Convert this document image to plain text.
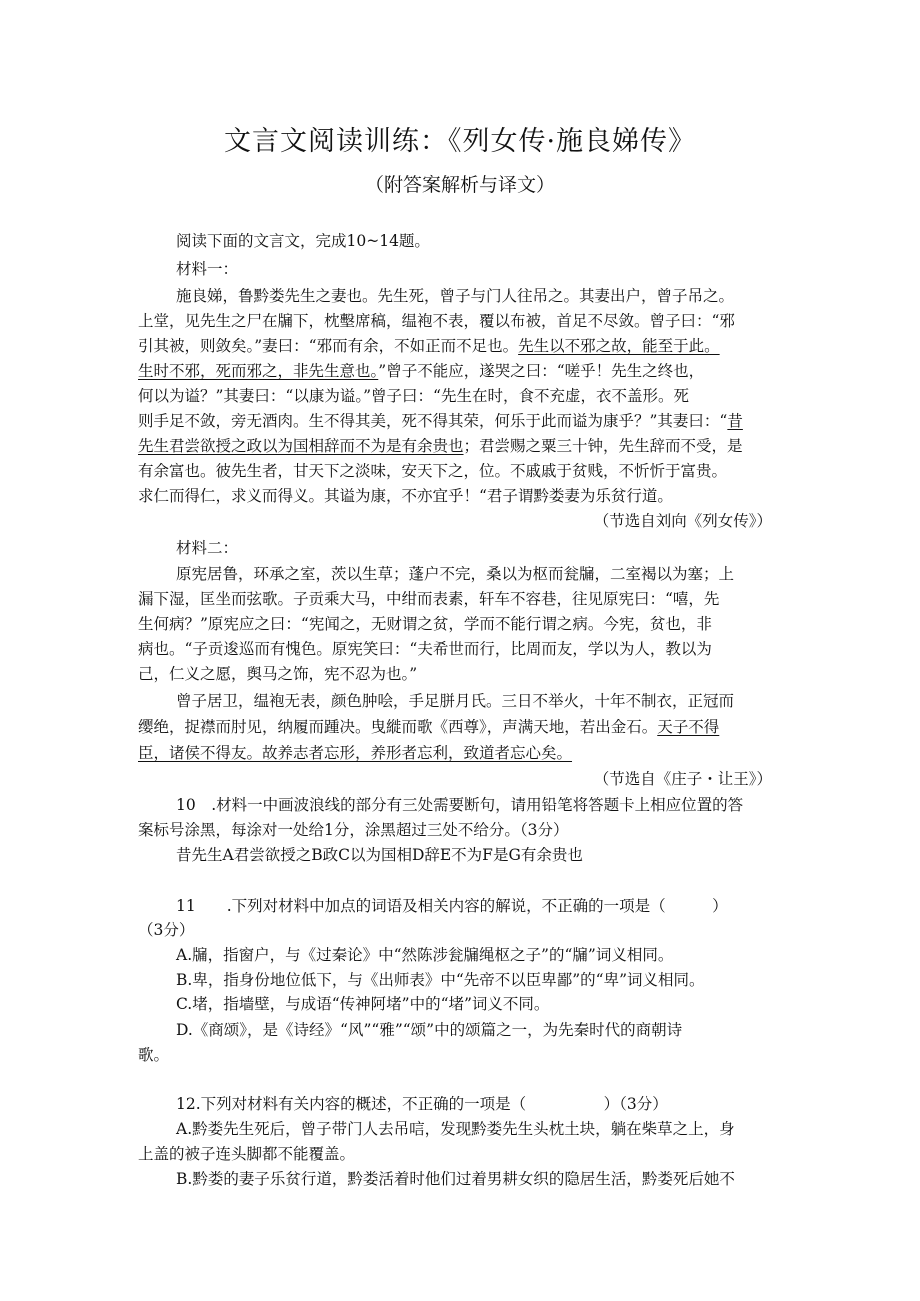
文言文阅读训练：《列女传·施良娣传》
（附答案解析与译文）
阅读下面的文言文，完成10~14题。
材料一：
施良娣，鲁黔娄先生之妻也。先生死，曾子与门人往吊之。其妻出户，曾子吊之。
上堂，见先生之尸在牖下，枕墼席稿，缊袍不表，覆以布被，首足不尽敛。曾子曰：“邪
引其被，则敛矣。”妻曰：“邪而有余，不如正而不足也。先生以不邪之故，能至于此。
生时不邪，死而邪之，非先生意也。”曾子不能应，遂哭之曰：“嗟乎！先生之终也，
何以为谥？”其妻曰：“以康为谥。”曾子曰：“先生在时，食不充虚，衣不盖形。死
则手足不敛，旁无酒肉。生不得其美，死不得其荣，何乐于此而谥为康乎？”其妻曰：“昔
先生君尝欲授之政以为国相辞而不为是有余贵也；君尝赐之粟三十钟，先生辞而不受，是
有余富也。彼先生者，甘天下之淡味，安天下之，位。不戚戚于贫贱，不忻忻于富贵。
求仁而得仁，求义而得义。其谥为康，不亦宜乎！“君子谓黔娄妻为乐贫行道。
（节选自刘向《列女传》）
材料二：
原宪居鲁，环承之室，茨以生草；蓬户不完，桑以为枢而瓮牖，二室褐以为塞；上
漏下湿，匡坐而弦歌。子贡乘大马，中绀而表素，轩车不容巷，往见原宪曰：“嘻，先
生何病？”原宪应之曰：“宪闻之，无财谓之贫，学而不能行谓之病。今宪，贫也，非
病也。“子贡逡巡而有愧色。原宪笑曰：“夫希世而行，比周而友，学以为人，教以为
己，仁义之愿，舆马之饰，宪不忍为也。”
曾子居卫，缊袍无表，颜色肿哙，手足胼月氏。三日不举火，十年不制衣，正冠而
缨绝，捉襟而肘见，纳履而踵决。曳縰而歌《西尊》，声满天地，若出金石。天子不得
臣，诸侯不得友。故养志者忘形，养形者忘利，致道者忘心矣。
（节选自《庄子・让王》）
10　.材料一中画波浪线的部分有三处需要断句，请用铅笔将答题卡上相应位置的答
案标号涂黑，每涂对一处给1分，涂黑超过三处不给分。（3分）
昔先生A君尝欲授之B政C以为国相D辞E不为F是G有余贵也
11　　.下列对材料中加点的词语及相关内容的解说，不正确的一项是（　　　）
（3分）
A.牖，指窗户，与《过秦论》中“然陈涉瓮牖绳枢之子”的“牖”词义相同。
B.卑，指身份地位低下，与《出师表》中“先帝不以臣卑鄙”的“卑”词义相同。
C.堵，指墙壁，与成语“传神阿堵”中的“堵”词义不同。
D.《商颂》，是《诗经》“风”“雅”“颂”中的颂篇之一，为先秦时代的商朝诗
歌。
12.下列对材料有关内容的概述，不正确的一项是（　　　　　）（3分）
A.黔娄先生死后，曾子带门人去吊唁，发现黔娄先生头枕土块，躺在柴草之上，身
上盖的被子连头脚都不能覆盖。
B.黔娄的妻子乐贫行道，黔娄活着时他们过着男耕女织的隐居生活，黔娄死后她不
